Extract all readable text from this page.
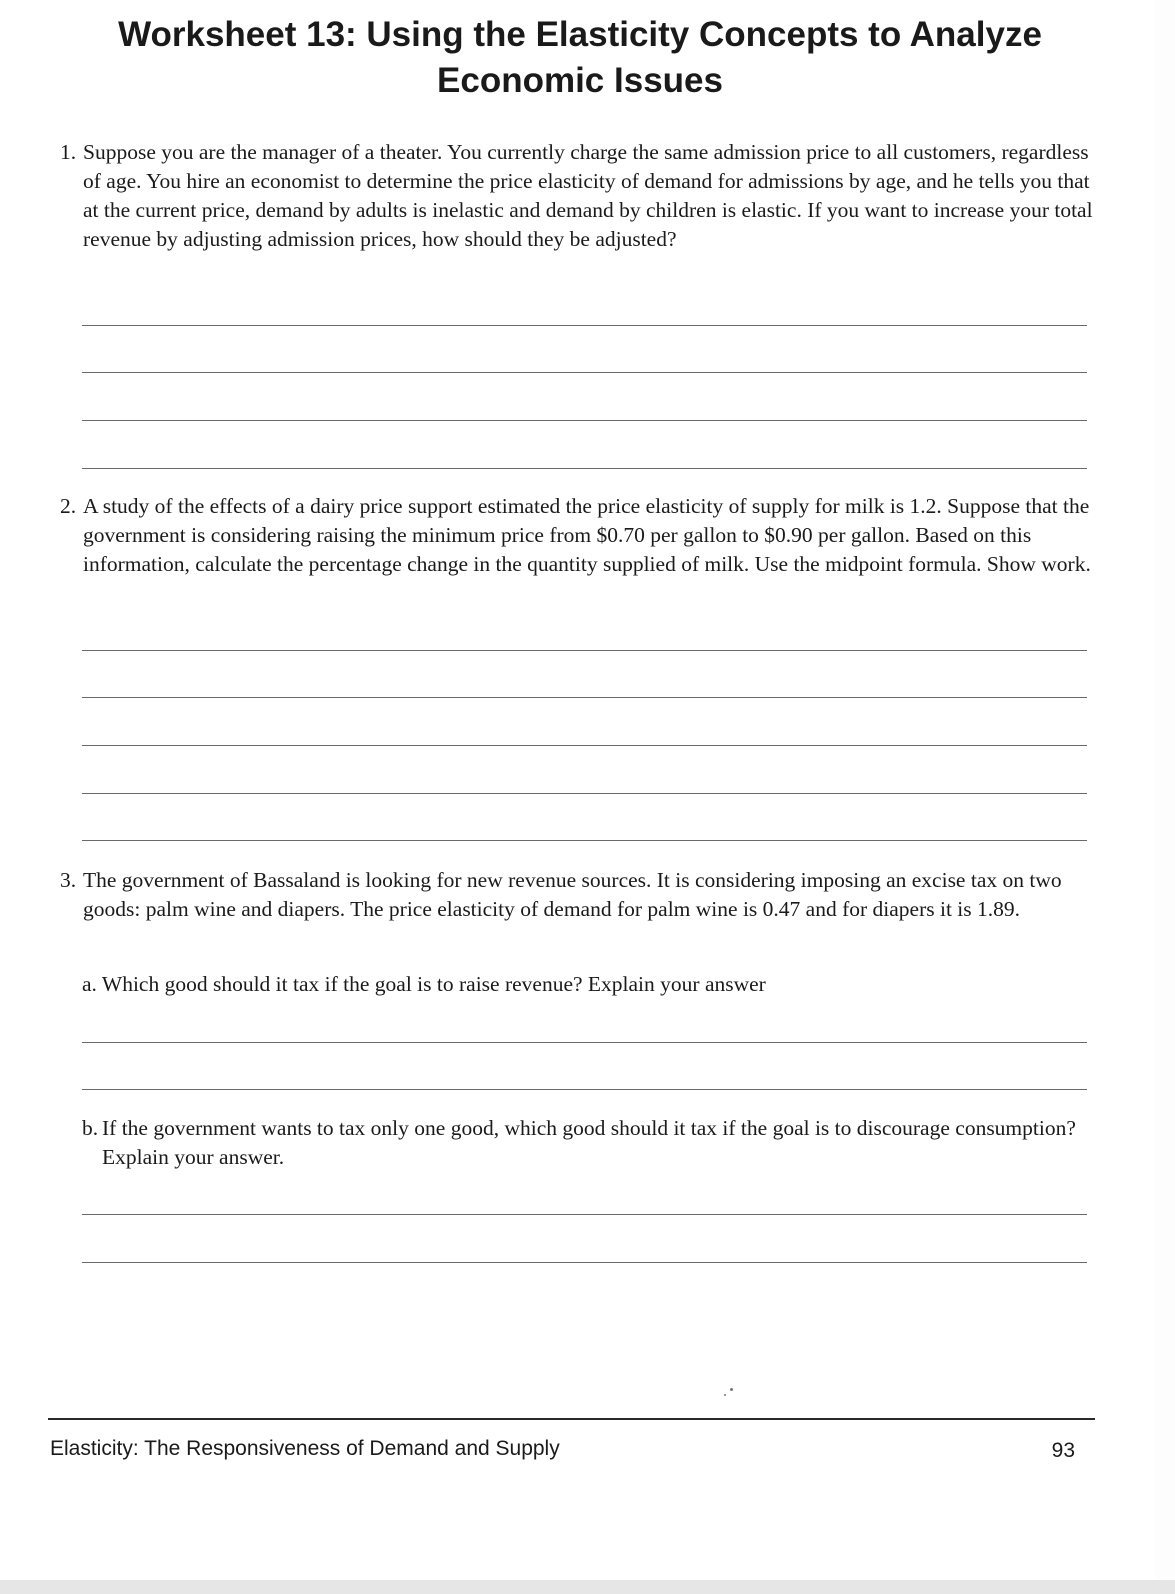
Worksheet 13: Using the Elasticity Concepts to Analyze
Economic Issues
1. Suppose you are the manager of a theater. You currently charge the same admission price to all customers, regardless of age. You hire an economist to determine the price elasticity of demand for admissions by age, and he tells you that at the current price, demand by adults is inelastic and demand by children is elastic. If you want to increase your total revenue by adjusting admission prices, how should they be adjusted?
2. A study of the effects of a dairy price support estimated the price elasticity of supply for milk is 1.2. Suppose that the government is considering raising the minimum price from $0.70 per gallon to $0.90 per gallon. Based on this information, calculate the percentage change in the quantity supplied of milk. Use the midpoint formula. Show work.
3. The government of Bassaland is looking for new revenue sources. It is considering imposing an excise tax on two goods: palm wine and diapers. The price elasticity of demand for palm wine is 0.47 and for diapers it is 1.89.
a. Which good should it tax if the goal is to raise revenue? Explain your answer
b. If the government wants to tax only one good, which good should it tax if the goal is to discourage consumption? Explain your answer.
Elasticity: The Responsiveness of Demand and Supply	93
